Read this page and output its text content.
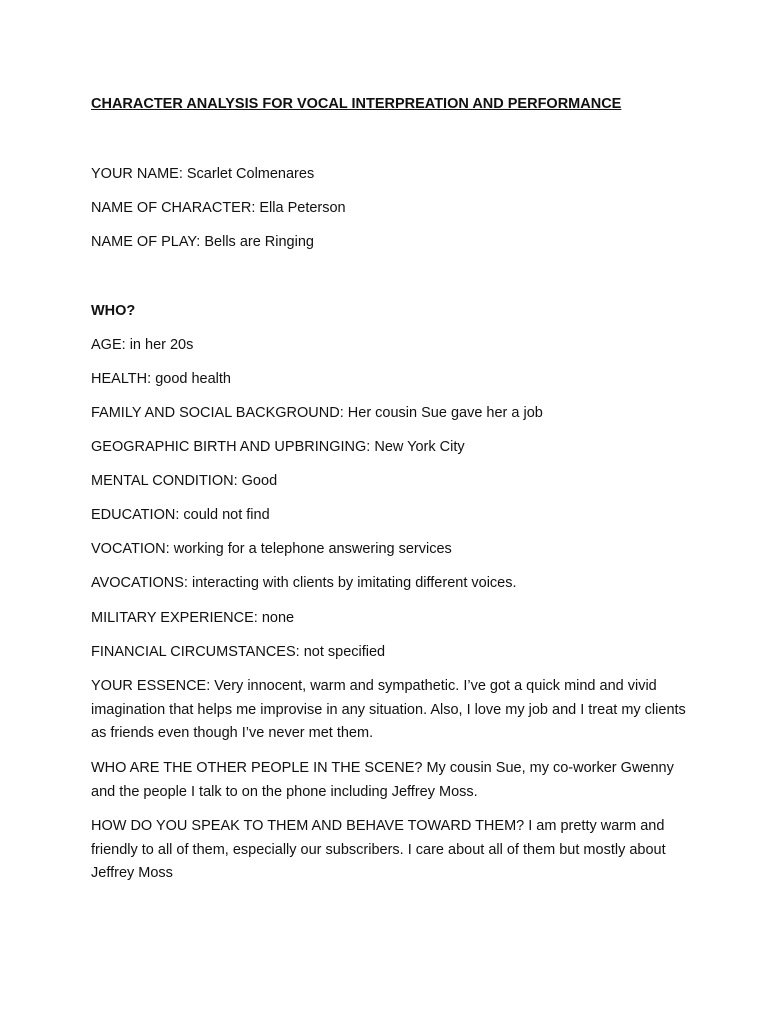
CHARACTER ANALYSIS FOR VOCAL INTERPREATION AND PERFORMANCE
YOUR NAME: Scarlet Colmenares
NAME OF CHARACTER: Ella Peterson
NAME OF PLAY: Bells are Ringing
WHO?
AGE: in her 20s
HEALTH: good health
FAMILY AND SOCIAL BACKGROUND: Her cousin Sue gave her a job
GEOGRAPHIC BIRTH AND UPBRINGING: New York City
MENTAL CONDITION: Good
EDUCATION: could not find
VOCATION: working for a telephone answering services
AVOCATIONS: interacting with clients by imitating different voices.
MILITARY EXPERIENCE: none
FINANCIAL CIRCUMSTANCES: not specified
YOUR ESSENCE: Very innocent, warm and sympathetic. I’ve got a quick mind and vivid imagination that helps me improvise in any situation. Also, I love my job and I treat my clients as friends even though I’ve never met them.
WHO ARE THE OTHER PEOPLE IN THE SCENE? My cousin Sue, my co-worker Gwenny and the people I talk to on the phone including Jeffrey Moss.
HOW DO YOU SPEAK TO THEM AND BEHAVE TOWARD THEM? I am pretty warm and friendly to all of them, especially our subscribers. I care about all of them but mostly about Jeffrey Moss
